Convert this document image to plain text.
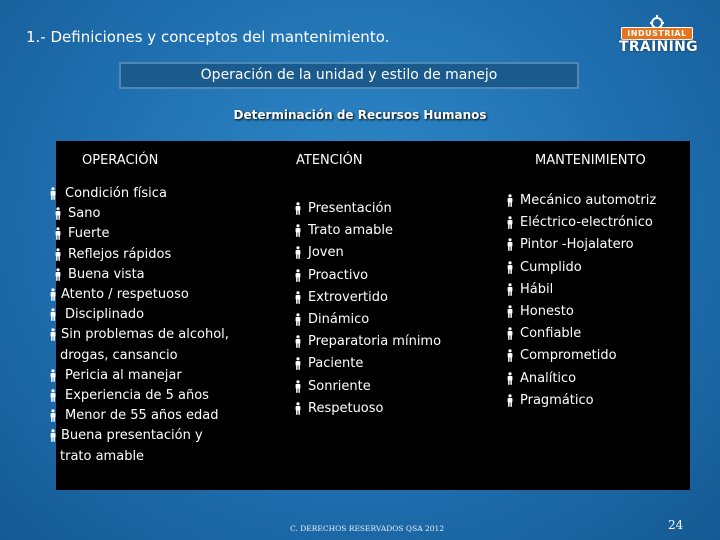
1.- Definiciones y conceptos del mantenimiento.	INDUSTRIAL
TRAINING
Operación de la unidad y estilo de manejo
Determinación de Recursos Humanos
OPERACIÓN	ATENCIÓN	MANTENIMIENTO
Condición física
Sano
Fuerte
Reflejos rápidos
Buena vista
Atento / respetuoso
Disciplinado
Sin problemas de alcohol,
drogas, cansancio
Pericia al manejar
Experiencia de 5 años
Menor de 55 años edad
Buena presentación y
trato amable
Presentación
Trato amable
Joven
Proactivo
Extrovertido
Dinámico
Preparatoria mínimo
Paciente
Sonriente
Respetuoso
Mecánico automotriz
Eléctrico-electrónico
Pintor -Hojalatero
Cumplido
Hábil
Honesto
Confiable
Comprometido
Analítico
Pragmático
C. DERECHOS RESERVADOS QSA 2012	24
